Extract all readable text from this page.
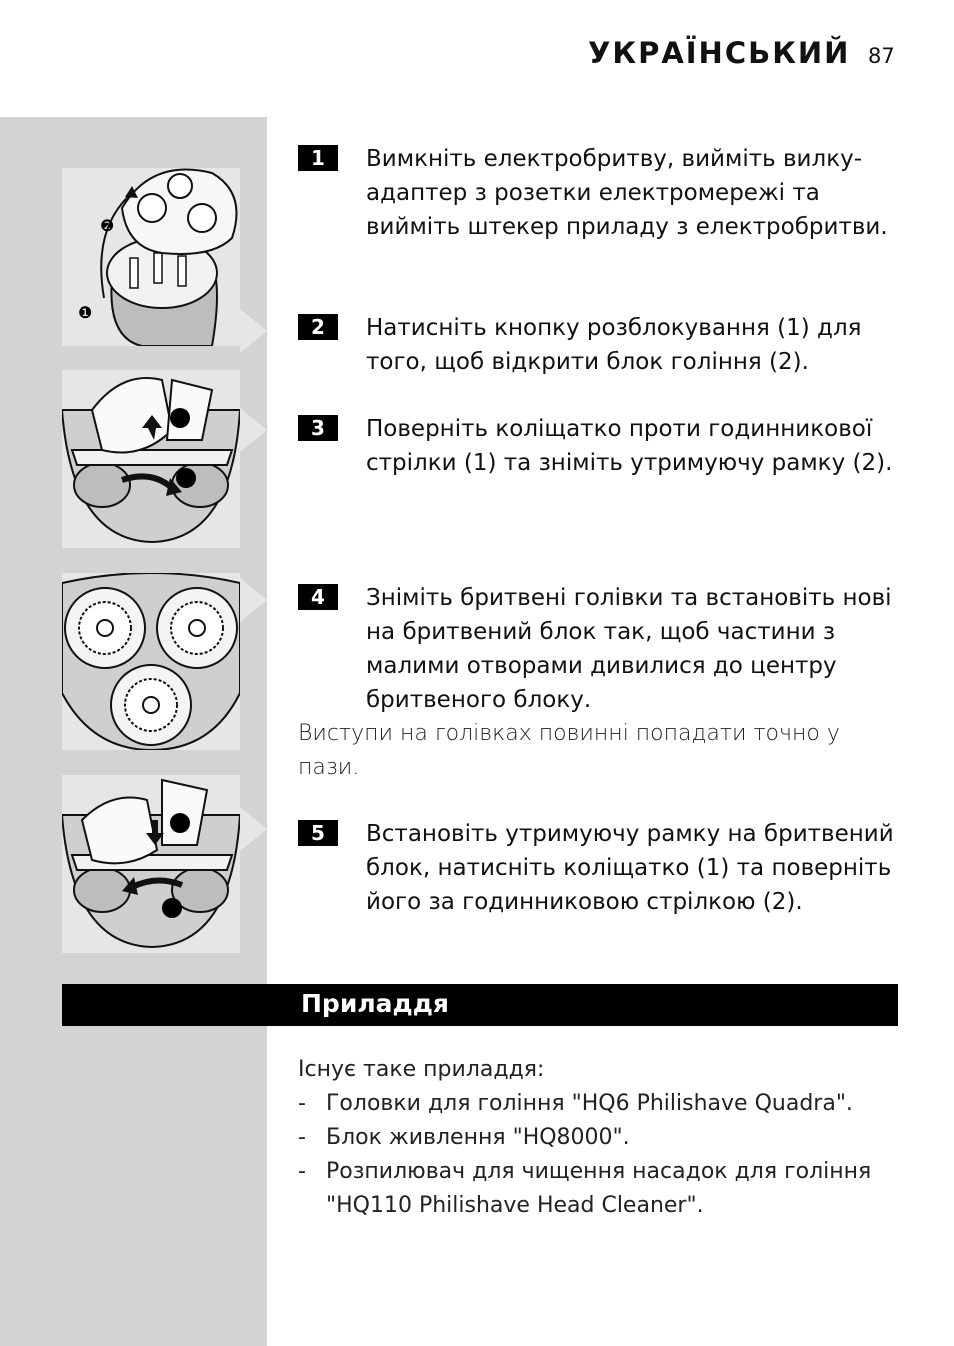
УКРАЇНСЬКИЙ 87
❷
❶
1	Вимкніть електробритву, вийміть вилку-адаптер з розетки електромережі та вийміть штекер приладу з електробритви.
2	Натисніть кнопку розблокування (1) для того, щоб відкрити блок гоління (2).
3	Поверніть коліщатко проти годинникової стрілки (1) та зніміть утримуючу рамку (2).
4	Зніміть бритвені голівки та встановіть нові на бритвений блок так, щоб частини з малими отворами дивилися до центру бритвеного блоку.
Виступи на голівках повинні попадати точно у пази.
5	Встановіть утримуючу рамку на бритвений блок, натисніть коліщатко (1) та поверніть його за годинниковою стрілкою (2).
Приладдя
Існує таке приладдя:
- Головки для гоління "HQ6 Philishave Quadra".
- Блок живлення "HQ8000".
- Розпилювач для чищення насадок для гоління "HQ110 Philishave Head Cleaner".
